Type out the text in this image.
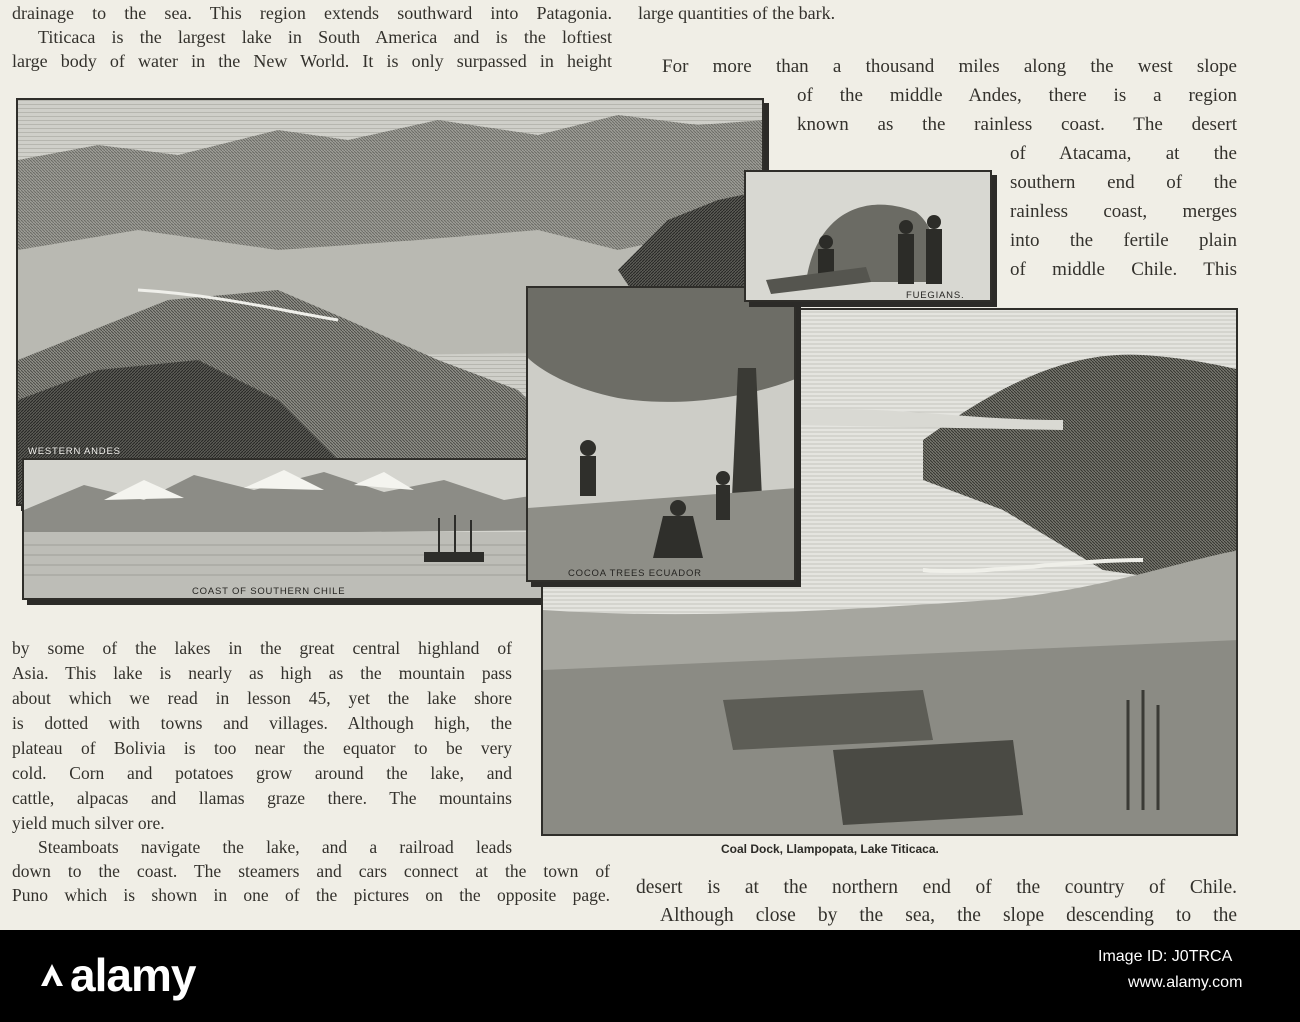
drainage to the sea. This region extends southward into Patagonia.
Titicaca is the largest lake in South America and is the loftiest
large body of water in the New World. It is only surpassed in height
large quantities of the bark.
For more than a thousand miles along the west slope
of the middle Andes, there is a region
known as the rainless coast. The desert
of Atacama, at the
southern end of the
rainless coast, merges
into the fertile plain
of middle Chile. This
WESTERN ANDES
COAST OF SOUTHERN CHILE
Coal Dock, Llampopata, Lake Titicaca.
COCOA TREES ECUADOR
FUEGIANS.
by some of the lakes in the great central highland of
Asia. This lake is nearly as high as the mountain pass
about which we read in lesson 45, yet the lake shore
is dotted with towns and villages. Although high, the
plateau of Bolivia is too near the equator to be very
cold. Corn and potatoes grow around the lake, and
cattle, alpacas and llamas graze there. The mountains
yield much silver ore.
Steamboats navigate the lake, and a railroad leads
down to the coast. The steamers and cars connect at the town of
Puno which is shown in one of the pictures on the opposite page. desert is at the northern end of the country of Chile.
Although close by the sea, the slope descending to the
alamy	Image ID: J0TRCA
www.alamy.com
